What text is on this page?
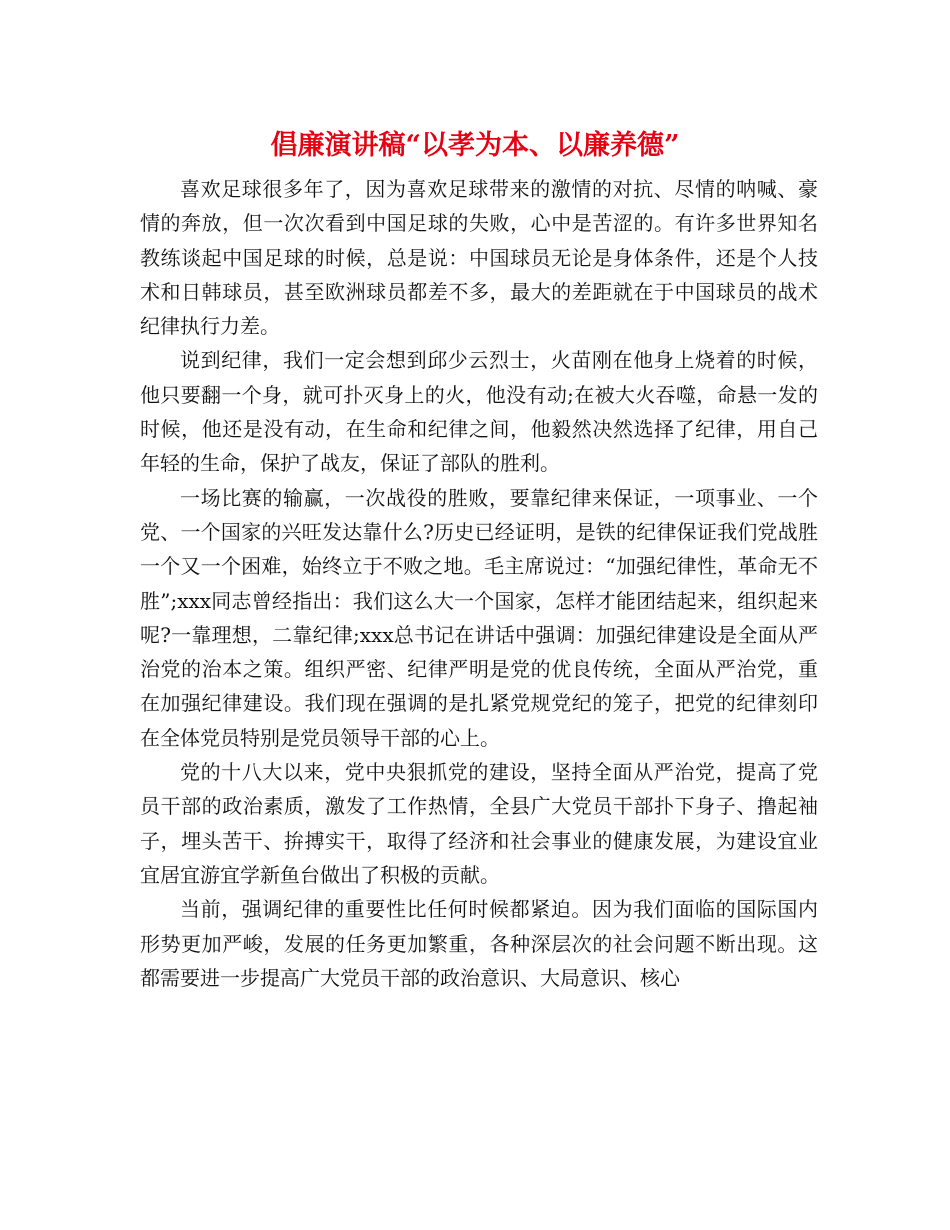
倡廉演讲稿“以孝为本、以廉养德”

喜欢足球很多年了，因为喜欢足球带来的激情的对抗、尽情的呐喊、豪情的奔放，但一次次看到中国足球的失败，心中是苦涩的。有许多世界知名教练谈起中国足球的时候，总是说：中国球员无论是身体条件，还是个人技术和日韩球员，甚至欧洲球员都差不多，最大的差距就在于中国球员的战术纪律执行力差。

说到纪律，我们一定会想到邱少云烈士，火苗刚在他身上烧着的时候，他只要翻一个身，就可扑灭身上的火，他没有动;在被大火吞噬，命悬一发的时候，他还是没有动，在生命和纪律之间，他毅然决然选择了纪律，用自己年轻的生命，保护了战友，保证了部队的胜利。

一场比赛的输赢，一次战役的胜败，要靠纪律来保证，一项事业、一个党、一个国家的兴旺发达靠什么?历史已经证明，是铁的纪律保证我们党战胜一个又一个困难，始终立于不败之地。毛主席说过：“加强纪律性，革命无不胜”;xxx同志曾经指出：我们这么大一个国家，怎样才能团结起来，组织起来呢?一靠理想，二靠纪律;xxx总书记在讲话中强调：加强纪律建设是全面从严治党的治本之策。组织严密、纪律严明是党的优良传统，全面从严治党，重在加强纪律建设。我们现在强调的是扎紧党规党纪的笼子，把党的纪律刻印在全体党员特别是党员领导干部的心上。

党的十八大以来，党中央狠抓党的建设，坚持全面从严治党，提高了党员干部的政治素质，激发了工作热情，全县广大党员干部扑下身子、撸起袖子，埋头苦干、拚搏实干，取得了经济和社会事业的健康发展，为建设宜业宜居宜游宜学新鱼台做出了积极的贡献。

当前，强调纪律的重要性比任何时候都紧迫。因为我们面临的国际国内形势更加严峻，发展的任务更加繁重，各种深层次的社会问题不断出现。这都需要进一步提高广大党员干部的政治意识、大局意识、核心
